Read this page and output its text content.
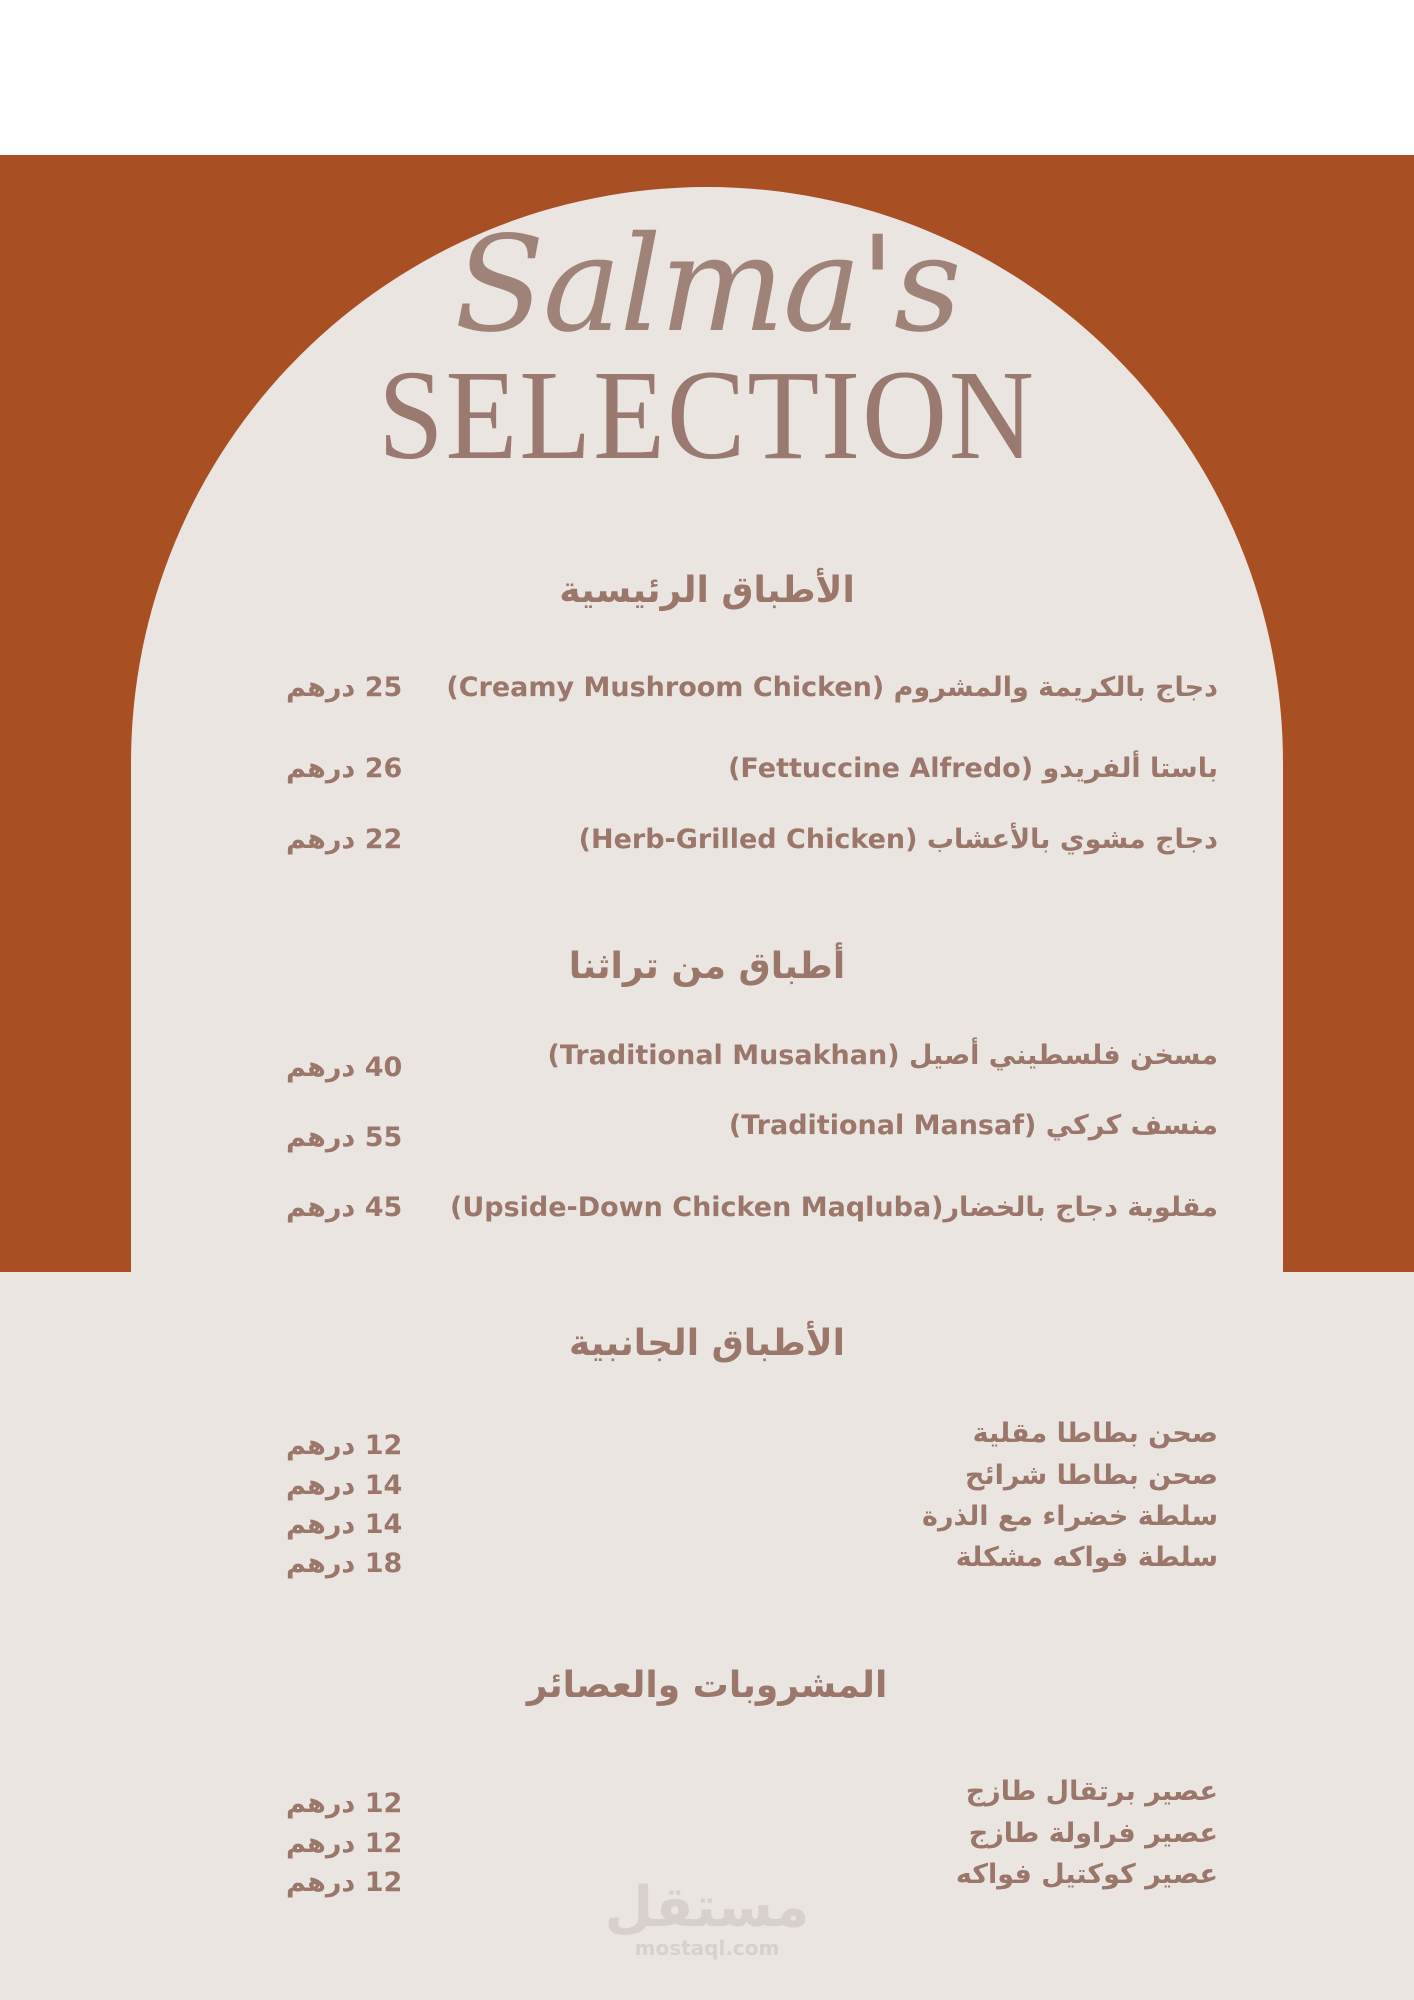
Salma's
SELECTION
الأطباق الرئيسية
دجاج بالكريمة والمشروم (Creamy Mushroom Chicken)
25 درهم
باستا ألفريدو (Fettuccine Alfredo)
26 درهم
دجاج مشوي بالأعشاب (Herb-Grilled Chicken)
22 درهم
أطباق من تراثنا
مسخن فلسطيني أصيل (Traditional Musakhan)
40 درهم
منسف كركي (Traditional Mansaf)
55 درهم
مقلوبة دجاج بالخضار(Upside-Down Chicken Maqluba)
45 درهم
الأطباق الجانبية
صحن بطاطا مقلية
12 درهم
صحن بطاطا شرائح
14 درهم
سلطة خضراء مع الذرة
14 درهم
سلطة فواكه مشكلة
18 درهم
المشروبات والعصائر
عصير برتقال طازج
12 درهم
عصير فراولة طازج
12 درهم
عصير كوكتيل فواكه
12 درهم	مستقل
mostaql.com
